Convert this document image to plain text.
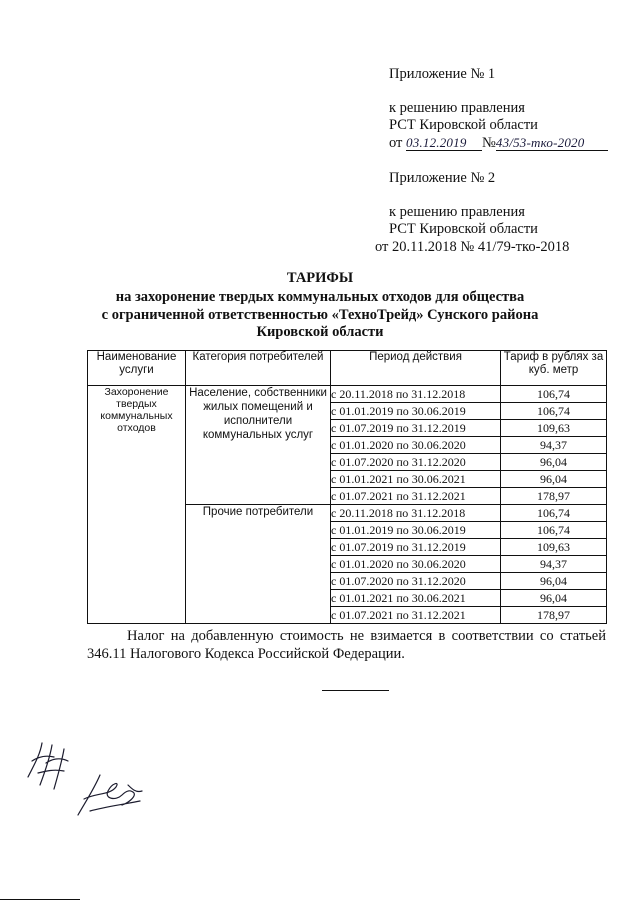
Приложение № 1
к решению правления
РСТ Кировской области
от 03.12.2019 №43/53-тко-2020
Приложение № 2
к решению правления
РСТ Кировской области
от 20.11.2018 № 41/79-тко-2018
ТАРИФЫ
на захоронение твердых коммунальных отходов для общества
с ограниченной ответственностью «ТехноТрейд» Сунского района
Кировской области
Наименование услуги	Категория потребителей	Период действия	Тариф в рублях за куб. метр
Захоронение твердых коммунальных отходов	Население, собственники жилых помещений и исполнители коммунальных услуг	с 20.11.2018 по 31.12.2018	106,74
		с 01.01.2019 по 30.06.2019	106,74
		с 01.07.2019 по 31.12.2019	109,63
		с 01.01.2020 по 30.06.2020	94,37
		с 01.07.2020 по 31.12.2020	96,04
		с 01.01.2021 по 30.06.2021	96,04
		с 01.07.2021 по 31.12.2021	178,97
	Прочие потребители	с 20.11.2018 по 31.12.2018	106,74
		с 01.01.2019 по 30.06.2019	106,74
		с 01.07.2019 по 31.12.2019	109,63
		с 01.01.2020 по 30.06.2020	94,37
		с 01.07.2020 по 31.12.2020	96,04
		с 01.01.2021 по 30.06.2021	96,04
		с 01.07.2021 по 31.12.2021	178,97
Налог на добавленную стоимость не взимается в соответствии со статьей 346.11 Налогового Кодекса Российской Федерации.
